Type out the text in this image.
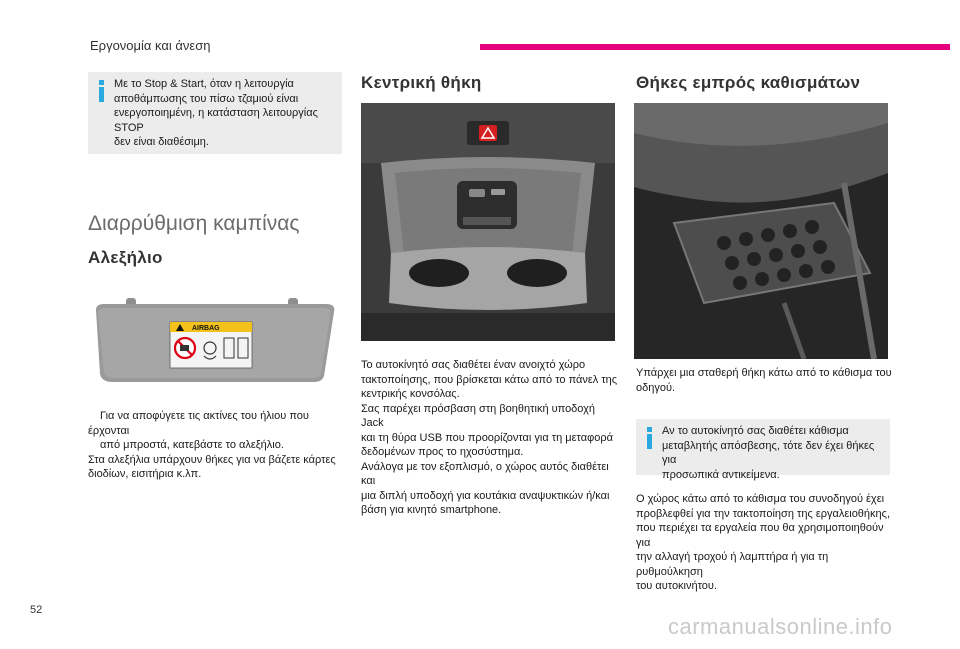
Εργονομία και άνεση
Με το Stop & Start, όταν η λειτουργία
αποθάμπωσης του πίσω τζαμιού είναι
ενεργοποιημένη, η κατάσταση λειτουργίας STOP
δεν είναι διαθέσιμη.
Διαρρύθμιση καμπίνας
Αλεξήλιο
AIRBAG
Για να αποφύγετε τις ακτίνες του ήλιου που έρχονται
από μπροστά, κατεβάστε το αλεξήλιο.
Στα αλεξήλια υπάρχουν θήκες για να βάζετε κάρτες
διοδίων, εισιτήρια κ.λπ.
Κεντρική θήκη
Το αυτοκίνητό σας διαθέτει έναν ανοιχτό χώρο
τακτοποίησης, που βρίσκεται κάτω από το πάνελ της
κεντρικής κονσόλας.
Σας παρέχει πρόσβαση στη βοηθητική υποδοχή Jack
και τη θύρα USB που προορίζονται για τη μεταφορά
δεδομένων προς το ηχοσύστημα.
Ανάλογα με τον εξοπλισμό, ο χώρος αυτός διαθέτει και
μια διπλή υποδοχή για κουτάκια αναψυκτικών ή/και
βάση για κινητό smartphone.
Θήκες εμπρός καθισμάτων
Υπάρχει μια σταθερή θήκη κάτω από το κάθισμα του
οδηγού.
Αν το αυτοκίνητό σας διαθέτει κάθισμα
μεταβλητής απόσβεσης, τότε δεν έχει θήκες για
προσωπικά αντικείμενα.
Ο χώρος κάτω από το κάθισμα του συνοδηγού έχει
προβλεφθεί για την τακτοποίηση της εργαλειοθήκης,
που περιέχει τα εργαλεία που θα χρησιμοποιηθούν για
την αλλαγή τροχού ή λαμπτήρα ή για τη ρυθμούλκηση
του αυτοκινήτου.
52
carmanualsonline.info
